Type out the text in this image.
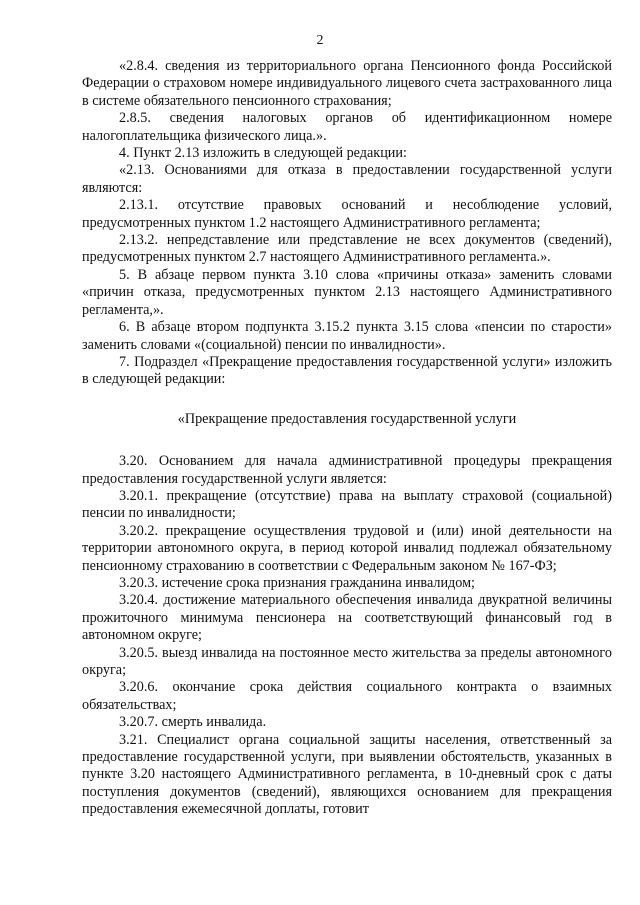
2

«2.8.4. сведения из территориального органа Пенсионного фонда Российской Федерации о страховом номере индивидуального лицевого счета застрахованного лица в системе обязательного пенсионного страхования;

2.8.5. сведения налоговых органов об идентификационном номере налогоплательщика физического лица.».

4. Пункт 2.13 изложить в следующей редакции:

«2.13. Основаниями для отказа в предоставлении государственной услуги являются:

2.13.1. отсутствие правовых оснований и несоблюдение условий, предусмотренных пунктом 1.2 настоящего Административного регламента;

2.13.2. непредставление или представление не всех документов (сведений), предусмотренных пунктом 2.7 настоящего Административного регламента.».

5. В абзаце первом пункта 3.10 слова «причины отказа» заменить словами «причин отказа, предусмотренных пунктом 2.13 настоящего Административного регламента,».

6. В абзаце втором подпункта 3.15.2 пункта 3.15 слова «пенсии по старости» заменить словами «(социальной) пенсии по инвалидности».

7. Подраздел «Прекращение предоставления государственной услуги» изложить в следующей редакции:

«Прекращение предоставления государственной услуги

3.20. Основанием для начала административной процедуры прекращения предоставления государственной услуги является:

3.20.1. прекращение (отсутствие) права на выплату страховой (социальной) пенсии по инвалидности;

3.20.2. прекращение осуществления трудовой и (или) иной деятельности на территории автономного округа, в период которой инвалид подлежал обязательному пенсионному страхованию в соответствии с Федеральным законом № 167-ФЗ;

3.20.3. истечение срока признания гражданина инвалидом;

3.20.4. достижение материального обеспечения инвалида двукратной величины прожиточного минимума пенсионера на соответствующий финансовый год в автономном округе;

3.20.5. выезд инвалида на постоянное место жительства за пределы автономного округа;

3.20.6. окончание срока действия социального контракта о взаимных обязательствах;

3.20.7. смерть инвалида.

3.21. Специалист органа социальной защиты населения, ответственный за предоставление государственной услуги, при выявлении обстоятельств, указанных в пункте 3.20 настоящего Административного регламента, в 10-дневный срок с даты поступления документов (сведений), являющихся основанием для прекращения предоставления ежемесячной доплаты, готовит
